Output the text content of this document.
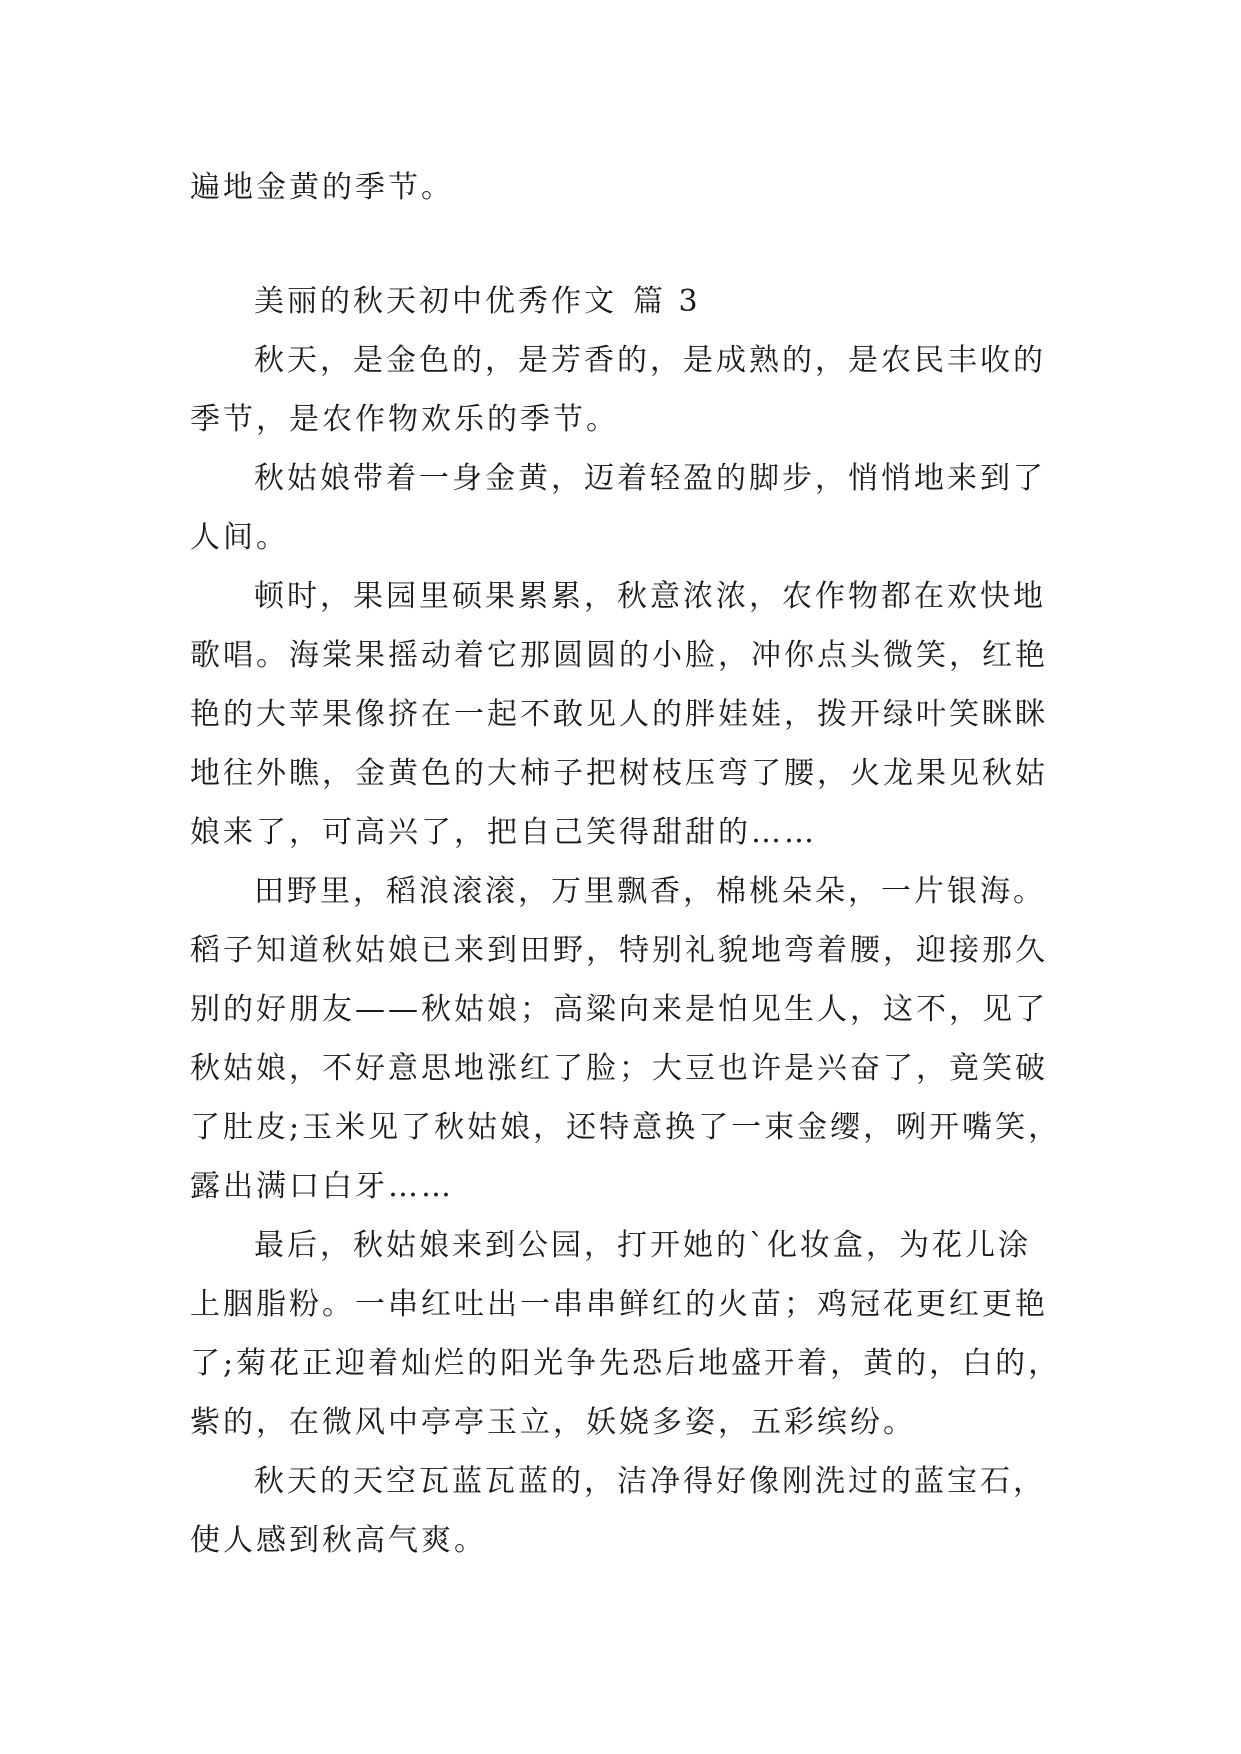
遍地金黄的季节。

美丽的秋天初中优秀作文 篇 3

秋天，是金色的，是芳香的，是成熟的，是农民丰收的

季节，是农作物欢乐的季节。

秋姑娘带着一身金黄，迈着轻盈的脚步，悄悄地来到了

人间。

顿时，果园里硕果累累，秋意浓浓，农作物都在欢快地

歌唱。海棠果摇动着它那圆圆的小脸，冲你点头微笑，红艳

艳的大苹果像挤在一起不敢见人的胖娃娃，拨开绿叶笑眯眯

地往外瞧，金黄色的大柿子把树枝压弯了腰，火龙果见秋姑

娘来了，可高兴了，把自己笑得甜甜的……

田野里，稻浪滚滚，万里飘香，棉桃朵朵，一片银海。

稻子知道秋姑娘已来到田野，特别礼貌地弯着腰，迎接那久

别的好朋友——秋姑娘；高粱向来是怕见生人，这不，见了

秋姑娘，不好意思地涨红了脸；大豆也许是兴奋了，竟笑破

了肚皮;玉米见了秋姑娘，还特意换了一束金缨，咧开嘴笑，

露出满口白牙……

最后，秋姑娘来到公园，打开她的`化妆盒，为花儿涂

上胭脂粉。一串红吐出一串串鲜红的火苗；鸡冠花更红更艳

了;菊花正迎着灿烂的阳光争先恐后地盛开着，黄的，白的，

紫的，在微风中亭亭玉立，妖娆多姿，五彩缤纷。

秋天的天空瓦蓝瓦蓝的，洁净得好像刚洗过的蓝宝石，

使人感到秋高气爽。
